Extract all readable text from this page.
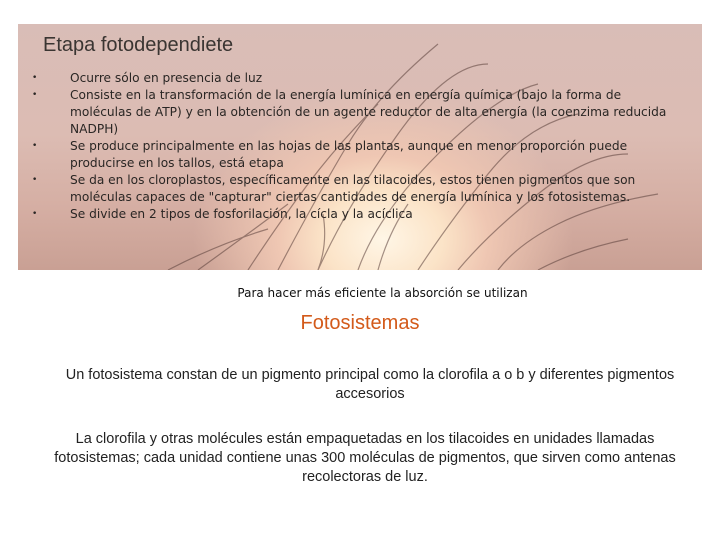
Etapa fotodependiete
•	Ocurre sólo en presencia de luz
•	Consiste en la transformación de la energía lumínica en energía química (bajo la forma de moléculas de ATP) y en la obtención de un agente reductor de alta energía (la coenzima reducida NADPH)
•	Se produce principalmente en las hojas de las plantas, aunque en menor proporción puede producirse en los tallos, está etapa
•	Se da en los cloroplastos, específicamente en las tilacoides, estos tienen pigmentos que son moléculas capaces de "capturar" ciertas cantidades de energía lumínica y los fotosistemas.
•	Se divide en 2 tipos de fosforilación, la cícla y la acíclica
Para hacer más eficiente la absorción se utilizan
Fotosistemas
Un fotosistema constan de un pigmento principal como la clorofila a o b y diferentes pigmentos accesorios
La clorofila y otras molécules están empaquetadas en los tilacoides en unidades llamadas fotosistemas; cada unidad contiene unas 300 moléculas de pigmentos, que sirven como antenas recolectoras de luz.
